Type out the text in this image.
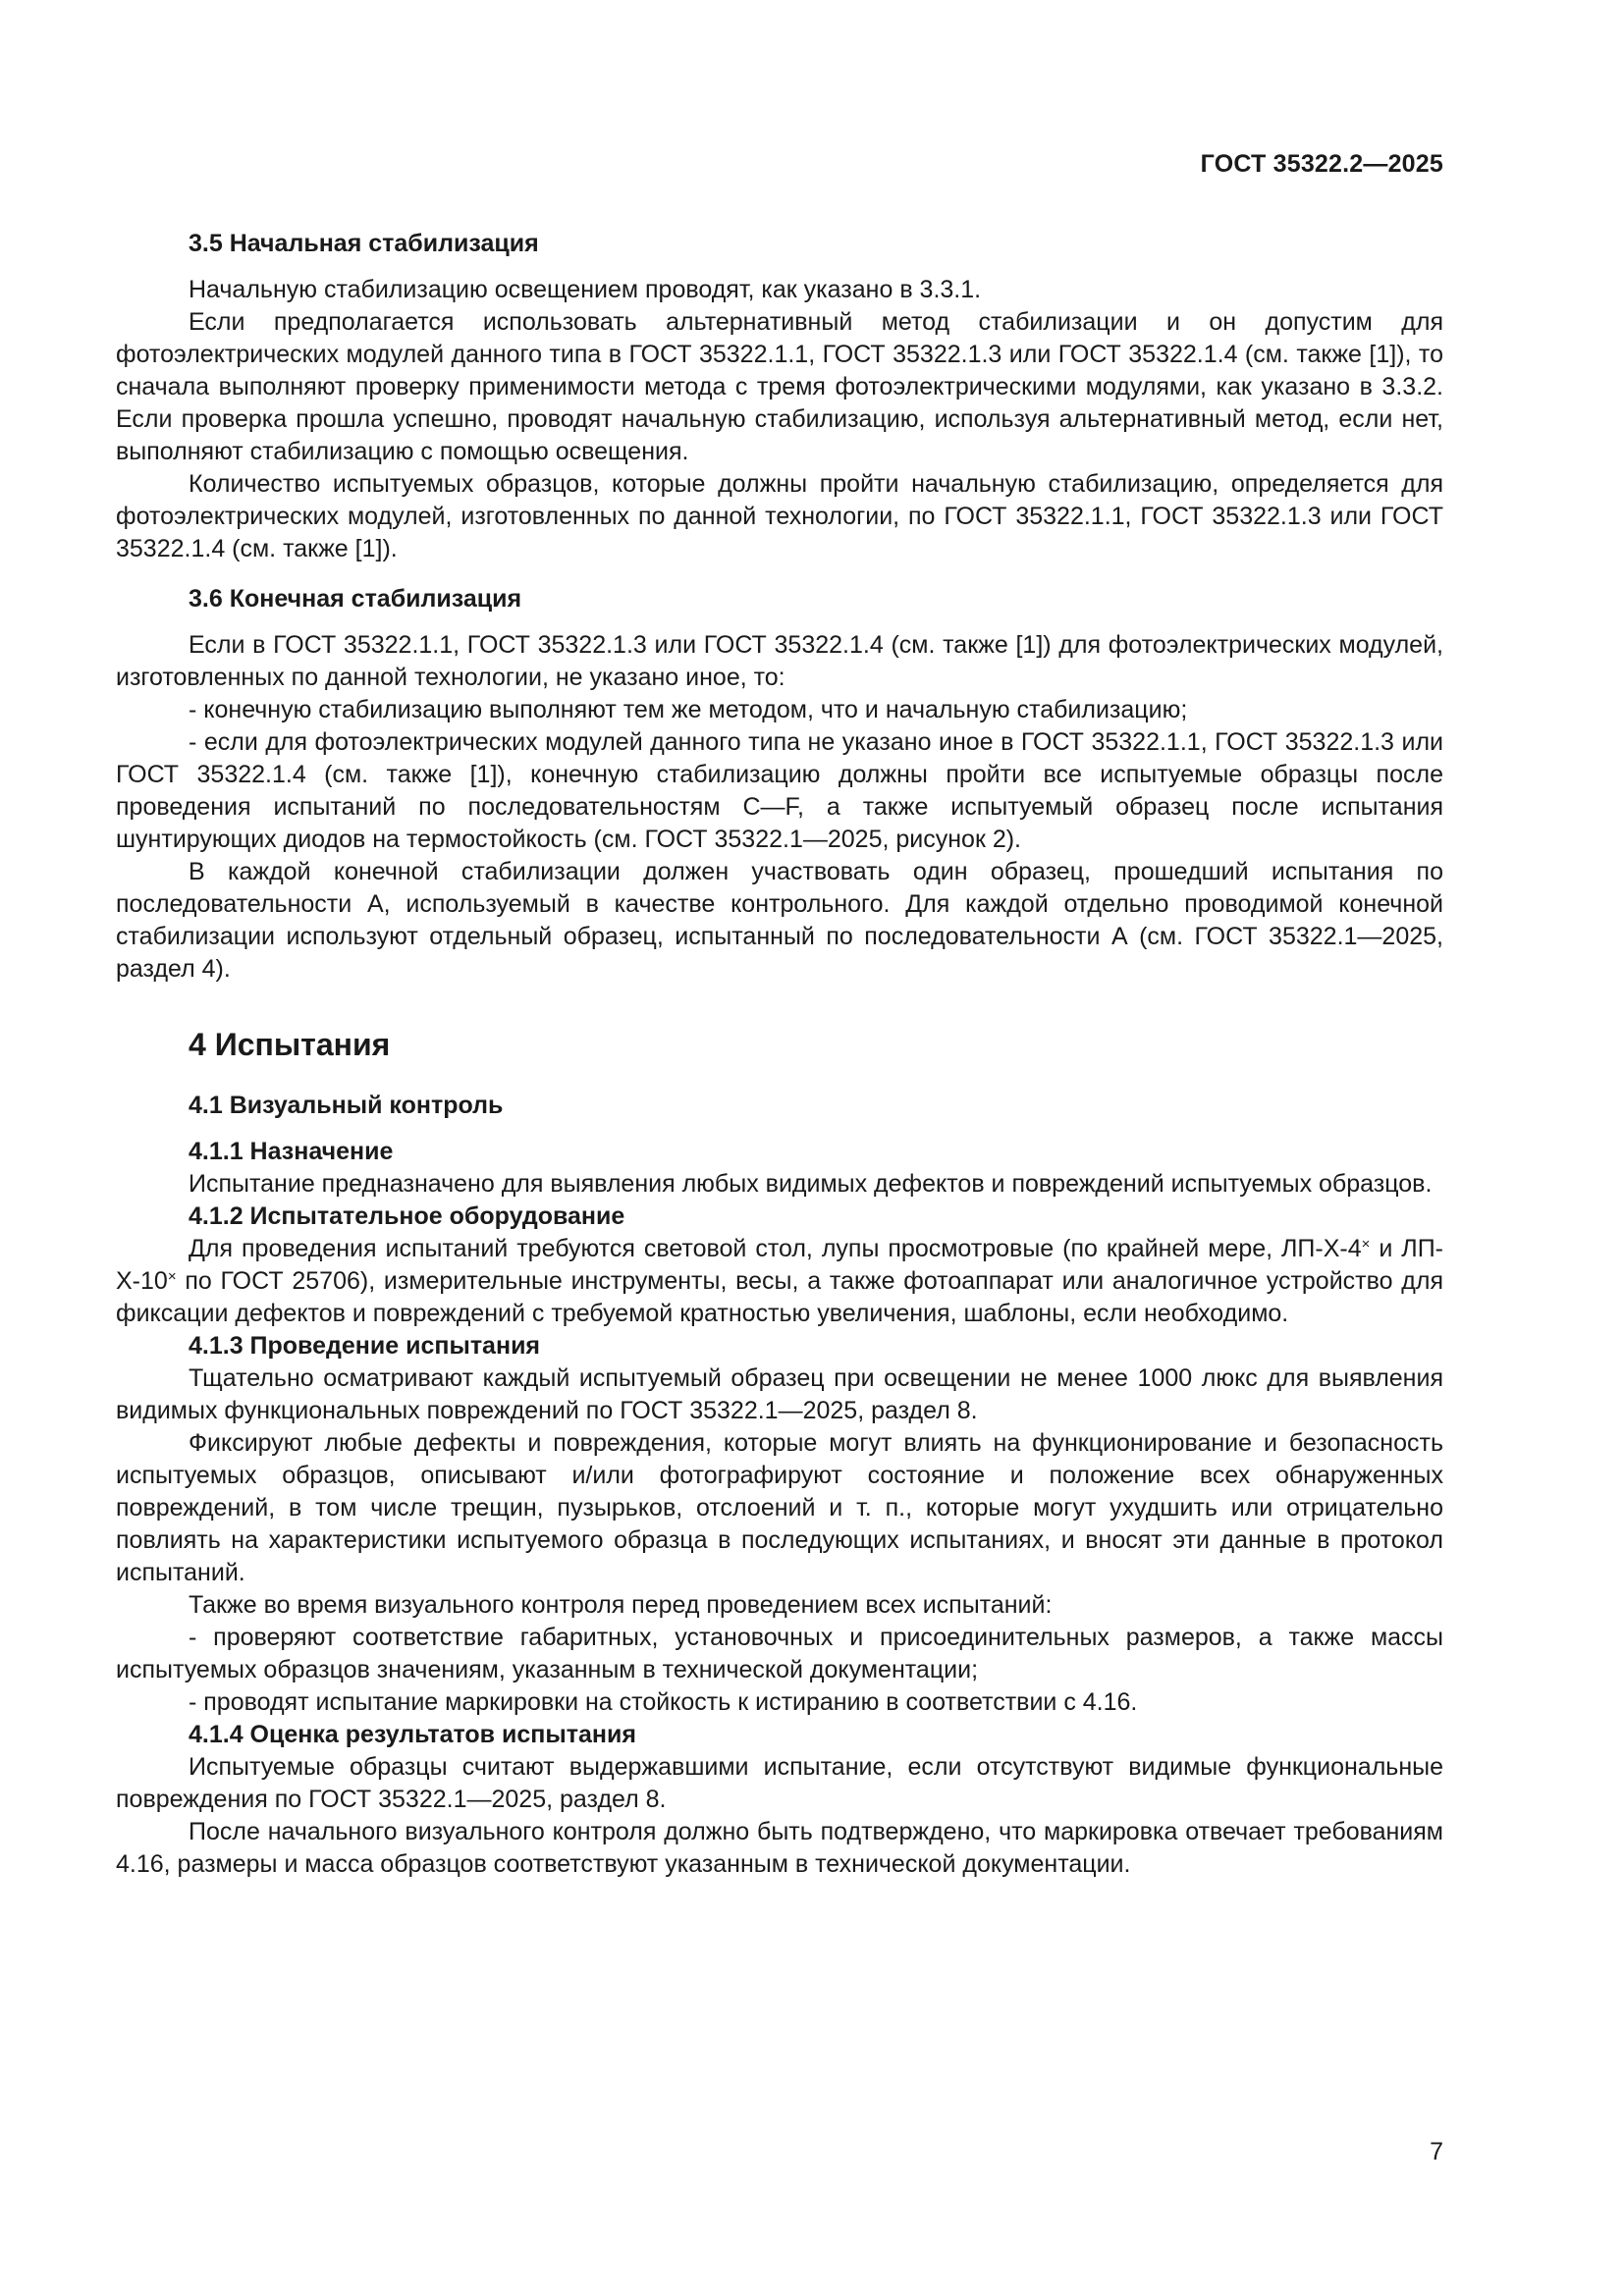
ГОСТ 35322.2—2025
3.5 Начальная стабилизация

Начальную стабилизацию освещением проводят, как указано в 3.3.1.

Если предполагается использовать альтернативный метод стабилизации и он допустим для фотоэлектрических модулей данного типа в ГОСТ 35322.1.1, ГОСТ 35322.1.3 или ГОСТ 35322.1.4 (см. также [1]), то сначала выполняют проверку применимости метода с тремя фотоэлектрическими модулями, как указано в 3.3.2. Если проверка прошла успешно, проводят начальную стабилизацию, используя альтернативный метод, если нет, выполняют стабилизацию с помощью освещения.

Количество испытуемых образцов, которые должны пройти начальную стабилизацию, определяется для фотоэлектрических модулей, изготовленных по данной технологии, по ГОСТ 35322.1.1, ГОСТ 35322.1.3 или ГОСТ 35322.1.4 (см. также [1]).

3.6 Конечная стабилизация

Если в ГОСТ 35322.1.1, ГОСТ 35322.1.3 или ГОСТ 35322.1.4 (см. также [1]) для фотоэлектрических модулей, изготовленных по данной технологии, не указано иное, то:

- конечную стабилизацию выполняют тем же методом, что и начальную стабилизацию;

- если для фотоэлектрических модулей данного типа не указано иное в ГОСТ 35322.1.1, ГОСТ 35322.1.3 или ГОСТ 35322.1.4 (см. также [1]), конечную стабилизацию должны пройти все испытуемые образцы после проведения испытаний по последовательностям С—F, а также испытуемый образец после испытания шунтирующих диодов на термостойкость (см. ГОСТ 35322.1—2025, рисунок 2).

В каждой конечной стабилизации должен участвовать один образец, прошедший испытания по последовательности А, используемый в качестве контрольного. Для каждой отдельно проводимой конечной стабилизации используют отдельный образец, испытанный по последовательности А (см. ГОСТ 35322.1—2025, раздел 4).

4 Испытания
4.1 Визуальный контроль
4.1.1 Назначение

Испытание предназначено для выявления любых видимых дефектов и повреждений испытуемых образцов.

4.1.2 Испытательное оборудование

Для проведения испытаний требуются световой стол, лупы просмотровые (по крайней мере, ЛП-Х-4× и ЛП-Х-10× по ГОСТ 25706), измерительные инструменты, весы, а также фотоаппарат или аналогичное устройство для фиксации дефектов и повреждений с требуемой кратностью увеличения, шаблоны, если необходимо.

4.1.3 Проведение испытания

Тщательно осматривают каждый испытуемый образец при освещении не менее 1000 люкс для выявления видимых функциональных повреждений по ГОСТ 35322.1—2025, раздел 8.

Фиксируют любые дефекты и повреждения, которые могут влиять на функционирование и безопасность испытуемых образцов, описывают и/или фотографируют состояние и положение всех обнаруженных повреждений, в том числе трещин, пузырьков, отслоений и т. п., которые могут ухудшить или отрицательно повлиять на характеристики испытуемого образца в последующих испытаниях, и вносят эти данные в протокол испытаний.

Также во время визуального контроля перед проведением всех испытаний:

- проверяют соответствие габаритных, установочных и присоединительных размеров, а также массы испытуемых образцов значениям, указанным в технической документации;

- проводят испытание маркировки на стойкость к истиранию в соответствии с 4.16.

4.1.4 Оценка результатов испытания

Испытуемые образцы считают выдержавшими испытание, если отсутствуют видимые функциональные повреждения по ГОСТ 35322.1—2025, раздел 8.

После начального визуального контроля должно быть подтверждено, что маркировка отвечает требованиям 4.16, размеры и масса образцов соответствуют указанным в технической документации.

7
